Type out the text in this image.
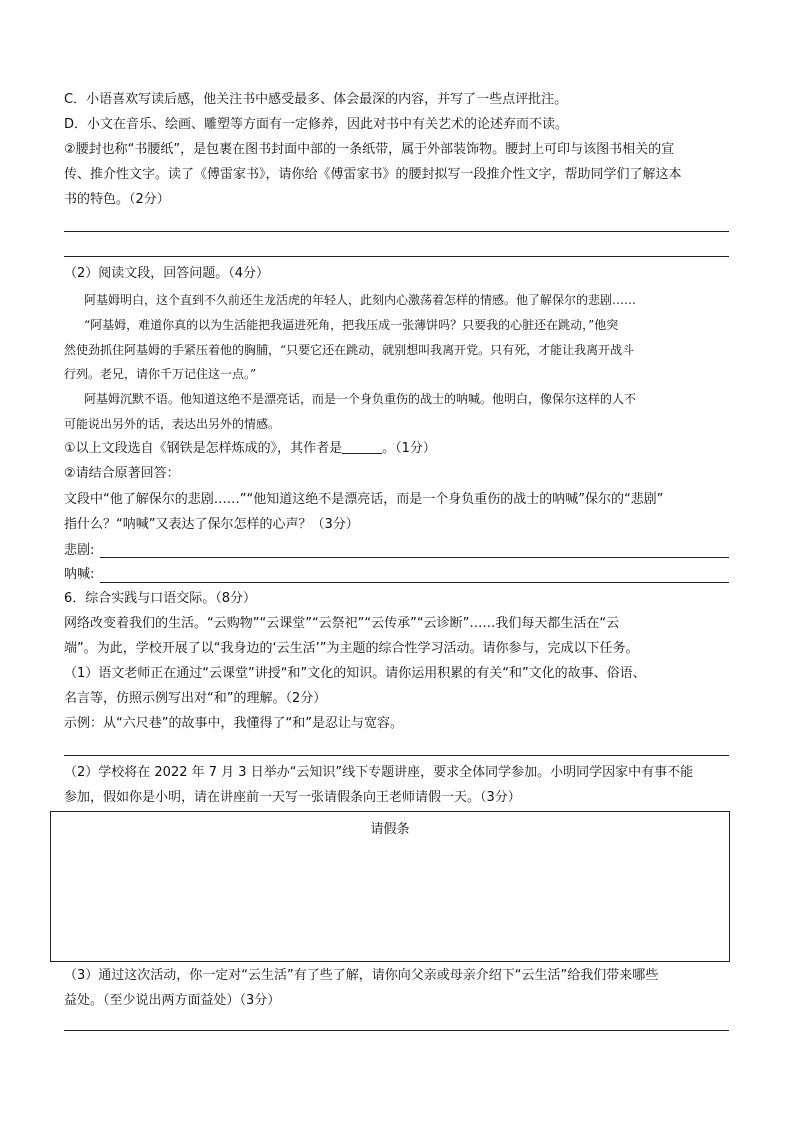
C．小语喜欢写读后感，他关注书中感受最多、体会最深的内容，并写了一些点评批注。
D．小文在音乐、绘画、雕塑等方面有一定修养，因此对书中有关艺术的论述弃而不读。
②腰封也称“书腰纸”，是包裹在图书封面中部的一条纸带，属于外部装饰物。腰封上可印与该图书相关的宣
传、推介性文字。读了《傅雷家书》，请你给《傅雷家书》的腰封拟写一段推介性文字，帮助同学们了解这本
书的特色。（2分）
（2）阅读文段，回答问题。（4分）
阿基姆明白，这个直到不久前还生龙活虎的年轻人，此刻内心激荡着怎样的情感。他了解保尔的悲剧……
“阿基姆，难道你真的以为生活能把我逼进死角，把我压成一张薄饼吗？只要我的心脏还在跳动，”他突
然使劲抓住阿基姆的手紧压着他的胸脯，“只要它还在跳动，就别想叫我离开党。只有死，才能让我离开战斗
行列。老兄，请你千万记住这一点。”
阿基姆沉默不语。他知道这绝不是漂亮话，而是一个身负重伤的战士的呐喊。他明白，像保尔这样的人不
可能说出另外的话，表达出另外的情感。
①以上文段选自《钢铁是怎样炼成的》，其作者是	。（1分）
②请结合原著回答：
文段中“他了解保尔的悲剧……”“他知道这绝不是漂亮话，而是一个身负重伤的战士的呐喊”保尔的“悲剧”
指什么？“呐喊”又表达了保尔怎样的心声？（3分）
悲剧:
呐喊:
6．综合实践与口语交际。（8分）
网络改变着我们的生活。“云购物”“云课堂”“云祭祀”“云传承”“云诊断”……我们每天都生活在“云
端”。为此，学校开展了以“我身边的‘云生活’”为主题的综合性学习活动。请你参与，完成以下任务。
（1）语文老师正在通过“云课堂”讲授“和”文化的知识。请你运用积累的有关“和”文化的故事、俗语、
名言等，仿照示例写出对“和”的理解。（2分）
示例：从“六尺巷”的故事中，我懂得了“和”是忍让与宽容。
（2）学校将在 2022 年 7 月 3 日举办“云知识”线下专题讲座，要求全体同学参加。小明同学因家中有事不能
参加，假如你是小明，请在讲座前一天写一张请假条向王老师请假一天。（3分）
请假条
（3）通过这次活动，你一定对“云生活”有了些了解，请你向父亲或母亲介绍下“云生活”给我们带来哪些
益处。（至少说出两方面益处）（3分）
